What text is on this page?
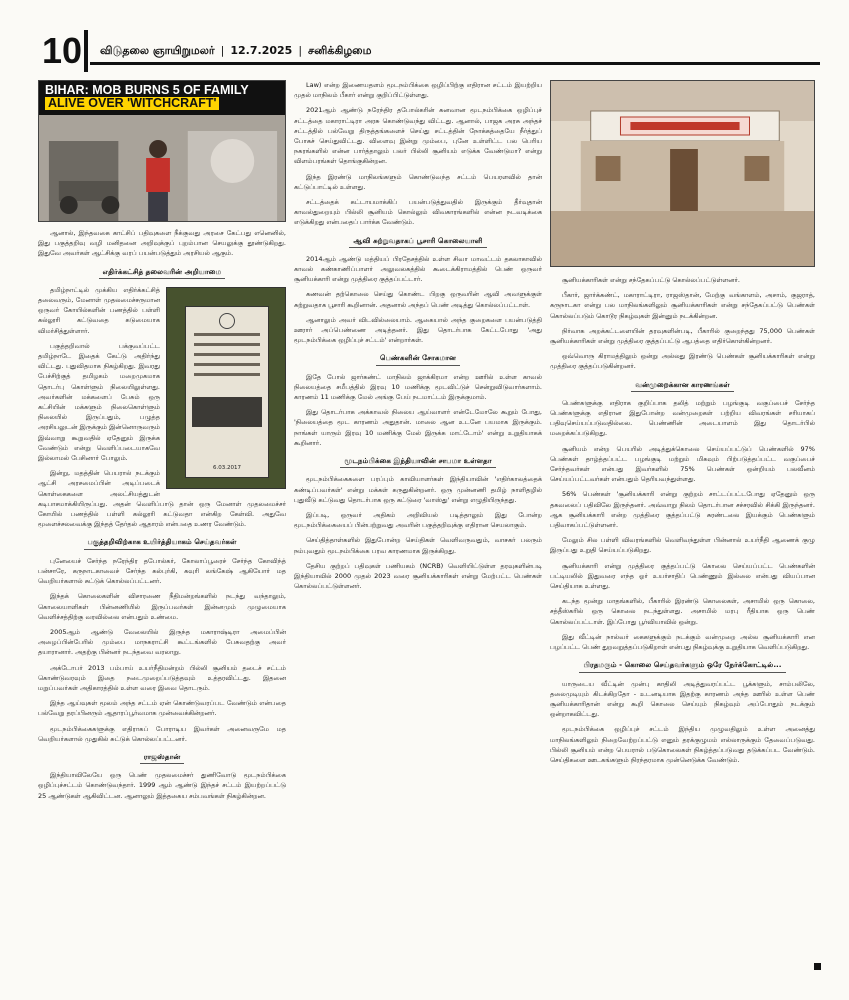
10	விடுதலை ஞாயிறுமலர் | 12.7.2025 | சனிக்கிழமை
BIHAR: MOB BURNS 5 OF FAMILY
ALIVE OVER 'WITCHCRAFT'

ஆனால், இந்தவகை காட்சிப் பதிவுகளை நீக்குவது அரசை கேட்பது எனெனில், இது பகுத்தறிவு வழி மனிதனை அறிவுக்குப் புறம்பான செயலுக்கு தூண்டுகிறது. இதுவே அவர்கள் ஆட்சிக்கு வரப் பயன்படுத்தும் அரசியல் ஆகும்.

எதிர்க்கட்சித் தலைவரின் அறியாமை
6.03.2017

தமிழ்நாட்டில் முக்கிய எதிர்க்கட்சித் தலைவரும், மேனாள் முதலமைச்சருமான ஒருவர் கோயில்களின் பணத்தில் பள்ளி கல்லூரி கட்டுவதை கடுமையாக விமர்சித்துள்ளார்.

பகுத்தறிவால் பக்குவப்பட்ட தமிழ்நாடே இதைக் கேட்டு அதிர்ந்து விட்டது. புதுவிதமாக நிகழ்கிறது. இவரது பேச்சிற்குத் தமிழகம் மறைமுகமாக தொடர்பு கொள்ளும் நிலையிலுள்ளது. அவர்களின் மக்களைப் பேசும் ஒரு கட்சியின் மக்களும் நிலைகொள்ளும் நிலையில் இருப்பதும், பழுத்த அரசியலுடன் இருக்கும் இன்னொருவரும் இவ்வாறு கூறுவதில் ஏதேனும் இருக்க வேண்டும் என்று வெளிப்படையாகவே இல்லாமல் பேசினார் போலும்.

இன்று, மதத்தின் பெயரால் நடக்கும் ஆட்சி அரசமைப்பின் அடிப்படைக் கொள்கைகளை அலட்சியத்துடன் கடிபாசமாக்கியிருப்பது. அதன் வெளிப்பாடு தான் ஒரு மேனாள் முதலமைச்சர் கோயில் பணத்தில் பள்ளி கல்லூரி கட்டுவதா என்கிற கேள்வி. அதுவே மூளைச்சலவைக்கு இந்தத் தேர்தல் ஆதாரம் என்பதை உணர வேண்டும்.

பகுத்தறிவிற்காக உயிர்த்தியாகம் செய்தவர்கள்

புனேயைச் சேர்ந்த நரேந்திர தபோல்கர், கோலாப்பூரைச் சேர்ந்த கோவிந்த் பன்சாரே, கருநாடகாவைச் சேர்ந்த கல்புர்கி, கவுரி லங்கேஷ் ஆகியோர் மத வெறியர்களால் சுட்டுக் கொல்லப்பட்டனர்.

இந்தக் கொலைகளின் விசாரணை நீதிமன்றங்களில் நடந்து வந்தாலும், கொலையாளிகள் பின்னணியில் இருப்பவர்கள் இன்னமும் முழுமையாக வெளிச்சத்திற்கு வரவில்லை என்பதும் உண்மை.

2005ஆம் ஆண்டு வேலையில் இருந்த மகாராஷ்டிரா அமைப்பின் அழைப்பின்பேரில் மும்பை மாநகராட்சி கூட்டங்களில் பேசுவதற்கு அவர் தயாரானார். அதற்கு பின்னர் நடந்தவை வரலாறு.

அக்டோபர் 2013 பம்பாய் உயர்நீதிமன்றம் பில்லி சூனியம் தடைச் சட்டம் கொண்டுவரவும் இதை நடைமுறைப்படுத்தவும் உத்தரவிட்டது. இதனை மறுப்பவர்கள் அதிகாரத்தில் உள்ள வரை இவை தொடரும்.

இந்த ஆய்வுகள் மூலம் அந்த சட்டம் ஏன் கொண்டுவரப்பட வேண்டும் என்பதை பல்வேறு தரப்பினரும் ஆதாரப்பூர்வமாக முன்வைக்கின்றனர்.

மூடநம்பிக்கைகளுக்கு எதிராகப் போராடிய இவர்கள் அனைவருமே மத வெறியர்களால் முதுகில் சுட்டுக் கொல்லப்பட்டனர்.

ராஜஸ்தான்

இந்தியாவிலேயே ஒரு பெண் முதலமைச்சர் துணிவோடு மூடநம்பிக்கை ஒழிப்புச்சட்டம் கொண்டுவந்தார். 1999 ஆம் ஆண்டு இந்தச் சட்டம் இயற்றப்பட்டு 25 ஆண்டுகள் ஆகிவிட்டன. ஆனாலும் இத்தகைய சம்பவங்கள் நிகழ்கின்றன.

Law) என்ற இணையதளம் மூடநம்பிக்கை ஒழிப்பிற்கு எதிரான சட்டம் இயற்றிய முதல் மாநிலம் பீகார் என்று குறிப்பிட்டுள்ளது.

2021ஆம் ஆண்டு நரேந்திர தபோல்கரின் கனவான மூடநம்பிக்கை ஒழிப்புச் சட்டத்தை மகாராட்டிரா அரசு கொண்டுவந்து விட்டது. ஆனால், பாஜக அரசு அந்தச் சட்டத்தில் பல்வேறு திருத்தங்களைச் செய்து சட்டத்தின் நோக்கத்தையே நீர்த்துப் போகச் செய்துவிட்டது. விளைவு இன்று மும்பை, புனே உள்ளிட்ட பல பெரிய நகரங்களில் என்ன பார்த்தாலும் பலர் பில்லி சூனியம் எடுக்க வேண்டுமா? என்று விளம்பரங்கள் தொங்குகின்றன.

இந்த இரண்டு மாநிலங்களும் கொண்டுவந்த சட்டம் பெயரளவில் தான் கட்டுப்பாட்டில் உள்ளது.

சட்டத்தைக் கட்டாயமாக்கிப் பயன்படுத்துவதில் இருக்கும் தீர்வுதான் காவல்துறையும் பில்லி சூனியம் கொல்லும் விவகாரங்களில் என்ன நடவடிக்கை எடுக்கிறது என்பதைப் பார்க்க வேண்டும்.

ஆவி சுற்றுவதாகப் பூசாரி கொலையாளி

2014ஆம் ஆண்டு மத்தியப் பிரதேசத்தில் உள்ள சிவா மாவட்டம் தகலாகாவில் காவல் கண்காணிப்பாளர் அலுவலகத்தில் கூடைக்கிராமத்தில் பெண் ஒருவர் சூனியக்காரி என்று முத்திரை குத்தப்பட்டார்.

கணவன் தற்கொலை செய்து கொண்ட பிறகு ஒருவரின் ஆவி அவளுக்குள் சுற்றுவதாக பூசாரி கூறினான். அதனால் அந்தப் பெண் அடித்து கொல்லப்பட்டாள்.

ஆனாலும் அவர் விடவில்லையாம். ஆகையால் அந்த குறைகளை பயன்படுத்தி ஊரார் அப்பெண்ணை அடித்தனர். இது தொடர்பாக கேட்டபோது 'அது மூடநம்பிக்கை ஒழிப்புச் சட்டம்' என்றார்கள்.

பெண்களின் சோகமான

இதே போல் ஜார்கண்ட் மாநிலம் ஜாக்கிரமா என்ற ஊரில் உள்ள காவல் நிலையத்தை சமீபத்தில் இரவு 10 மணிக்கு மூடவிட்டுச் சென்றுவிடுவார்களாம். காரணம் 11 மணிக்கு மேல் அங்கு பேய் நடமாட்டம் இருக்குமாம்.

இது தொடர்பாக அக்காவல் நிலைய ஆய்வாளர் என்டேமோலே கூறும் போது, 'நிலையத்தை மூட காரணம் அதுதான். மாலை ஆன உடனே பயமாக இருக்கும். நாங்கள் யாரும் இரவு 10 மணிக்கு மேல் இருக்க மாட்டோம்' என்று உறுதியாகக் கூறினார்.

மூடநம்பிக்கை இந்தியாவின் சாபமா உள்ளதா

மூடநம்பிக்கைகளை பரப்பும் காவியாளர்கள் இந்தியாவின் 'எதிர்காலத்தைக் கண்டிப்பவர்கள்' என்று மக்கள் கருதுகின்றனர். ஒரு முன்னணி தமிழ் நாளிதழில் புதுவீடு கட்டுவது தொடர்பாக ஒரு கட்டுரை 'வாஸ்து' என்று எழுதியிருந்தது.

இப்படி, ஒருவர் அதிகம் அறிவியல் படித்தாலும் இது போன்ற மூடநம்பிக்கையைப் பின்பற்றுவது அவரின் பகுத்தறிவுக்கு எதிரான செயலாகும்.

செய்தித்தாள்களில் இதுபோன்ற செய்திகள் வெளிவருவதும், வாசகர் பலரும் நம்புவதும் மூடநம்பிக்கை பரவ காரணமாக இருக்கிறது.

தேசிய குற்றப் பதிவுகள் பணியகம் (NCRB) வெளியிட்டுள்ள தரவுகளின்படி இந்தியாவில் 2000 முதல் 2023 வரை சூனியக்காரிகள் என்று மேற்பட்ட பெண்கள் கொல்லப்பட்டுள்ளனர்.

சூனியக்காரிகள் என்று சந்தேகப்பட்டு கொல்லப்பட்டுள்ளனர்.

பீகார், ஜார்க்கண்ட், மகாராட்டிரா, ராஜஸ்தான், மேற்கு வங்காளம், அசாம், குஜராத், கருநாடகா என்று பல மாநிலங்களிலும் சூனியக்காரிகள் என்று சந்தேகப்பட்டு பெண்கள் கொல்லப்படும் கொடூர நிகழ்வுகள் இன்னும் நடக்கின்றன.

நிர்வாக அறக்கட்டளையின் தரவுகளின்படி, பீகாரில் குறைந்தது 75,000 பெண்கள் சூனியக்காரிகள் என்று முத்திரை குத்தப்பட்டு ஆபத்தை எதிர்கொள்கின்றனர்.

ஒவ்வொரு கிராமத்திலும் ஒன்று அல்லது இரண்டு பெண்கள் சூனியக்காரிகள் என்று முத்திரை குத்தப்படுகின்றனர்.

வன்முறைக்கான காரணங்கள்

பெண்களுக்கு எதிராக குறிப்பாக தலித் மற்றும் பழங்குடி வகுப்பைச் சேர்ந்த பெண்களுக்கு எதிரான இதுபோன்ற வன்முறைகள் பற்றிய விவரங்கள் சரியாகப் பதிவுசெய்யப்படுவதில்லை. பெண்ணின் அடையாளம் இது தொடர்பில் மறைக்கப்படுகிறது.

சூனியம் என்ற பெயரில் அடித்துக்கொலை செய்யப்பட்டுப் பெண்களில் 97% பெண்கள் தாழ்த்தப்பட்ட பழங்குடி மற்றும் மிகவும் பிற்படுத்தப்பட்ட வகுப்பைச் சேர்ந்தவர்கள் என்பது இவர்களில் 75% பெண்கள் ஒன்றியம் பலவீனம் செய்யப்பட்டவர்கள் என்பதும் தெரியவந்துள்ளது.

56% பெண்கள் 'சூனியக்காரி என்று குற்றம் சாட்டப்பட்டபோது ஏதேனும் ஒரு தகவலைப் பதிவிலே இருந்தனர். அவ்வாறு நிலம் தொடர்பான சச்சரவில் சிக்கி இருந்தனர். ஆக சூனியக்காரி என்ற முத்திரை குத்தப்பட்டு சுரண்டலை இயக்கும் பெண்களும் பதிவாகப்பட்டுள்ளனர்.

மேலும் சில பள்ளி விவரங்களில் வெளிவந்துள்ள பின்னால் உயர்நீதி ஆணைக் குழு இருப்பது உறுதி செய்யப்படுகிறது.

சூனியக்காரி என்று முத்திரை குத்தப்பட்டு கொலை செய்யப்பட்ட பெண்களின் பட்டியலில் இதுவரை எந்த ஓர் உயர்சாதிப் பெண்ணும் இல்லை என்பது வியப்பான செய்தியாக உள்ளது.

கடந்த மூன்று மாதங்களில், பீகாரில் இரண்டு கொலைகள், அசாமில் ஒரு கொலை, சத்தீஸ்கரில் ஒரு கொலை நடந்துள்ளது. அசாமில் மரபு ரீதியாக ஒரு பெண் கொல்லப்பட்டாள். இப்போது பூர்வியாவில் ஒன்று.

இது வீட்டின் நால்வர் கைகளுக்கும் நடக்கும் வன்முறை அல்ல சூனியக்காரி என பழப்பட்ட பெண் துறவறுத்தப்படுகிறாள் என்பது நிகழ்வுக்கு உறுதியாக வெளிப்படுகிறது.

பிரதமரும் - கொலை செய்தவர்களும் ஒரே நேர்க்கோட்டில்...

யாருடைய வீட்டின் முன்பு காதிலி அடித்துவரப்பட்ட பூக்களும், சாம்பலிலே, தலைமுடியும் கிடக்கிறதோ - உடனடியாக இதற்கு காரணம் அந்த ஊரில் உள்ள பெண் சூனியக்காரிதான் என்று கூறி கொலை செய்யும் நிகழ்வும் அப்போதும் நடக்கும் ஒன்றாகவிட்டது.

மூடநம்பிக்கை ஒழிப்புச் சட்டம் இந்திய முழுவதிலும் உள்ள அனைத்து மாநிலங்களிலும் நிறைவேற்றப்பட்டு எனும் தரக்குழுமம் எல்லாருக்கும் தேவைப்படுவது. பில்லி சூனியம் என்ற பெயரால் படுகொலைகள் நிகழ்த்தப்படுவது தடுக்கப்பட வேண்டும். செய்திகளை ஊடகங்களும் நிரந்தரமாக முன்னெடுக்க வேண்டும்.
